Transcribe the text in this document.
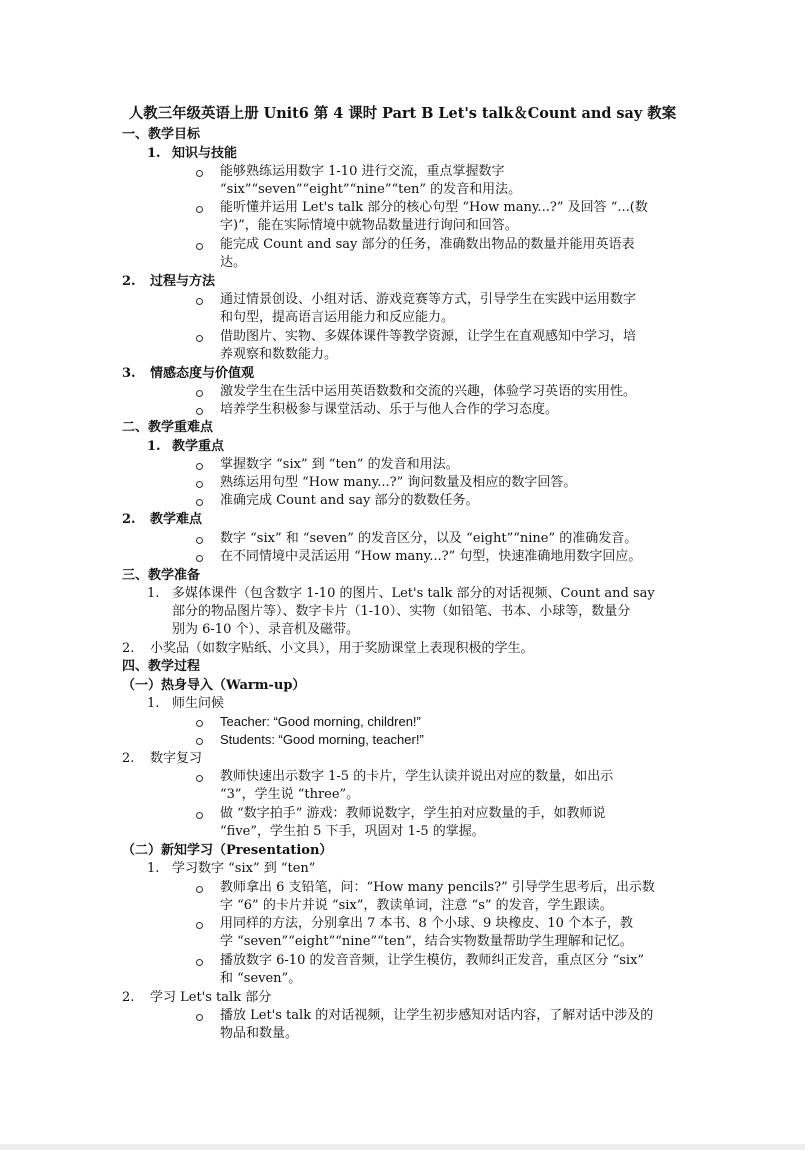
人教三年级英语上册 Unit6 第 4 课时 Part B Let's talk＆Count and say 教案
一、教学目标
1. 知识与技能
能够熟练运用数字 1-10 进行交流，重点掌握数字
“six”“seven”“eight”“nine”“ten” 的发音和用法。
能听懂并运用 Let's talk 部分的核心句型 “How many...?” 及回答 “...(数
字)”，能在实际情境中就物品数量进行询问和回答。
能完成 Count and say 部分的任务，准确数出物品的数量并能用英语表
达。
2. 过程与方法
通过情景创设、小组对话、游戏竞赛等方式，引导学生在实践中运用数字
和句型，提高语言运用能力和反应能力。
借助图片、实物、多媒体课件等教学资源，让学生在直观感知中学习，培
养观察和数数能力。
3. 情感态度与价值观
激发学生在生活中运用英语数数和交流的兴趣，体验学习英语的实用性。
培养学生积极参与课堂活动、乐于与他人合作的学习态度。
二、教学重难点
1. 教学重点
掌握数字 “six” 到 “ten” 的发音和用法。
熟练运用句型 “How many...?” 询问数量及相应的数字回答。
准确完成 Count and say 部分的数数任务。
2. 教学难点
数字 “six” 和 “seven” 的发音区分，以及 “eight”“nine” 的准确发音。
在不同情境中灵活运用 “How many...?” 句型，快速准确地用数字回应。
三、教学准备
1. 多媒体课件（包含数字 1-10 的图片、Let's talk 部分的对话视频、Count and say
部分的物品图片等）、数字卡片（1-10）、实物（如铅笔、书本、小球等，数量分
别为 6-10 个）、录音机及磁带。
2. 小奖品（如数字贴纸、小文具），用于奖励课堂上表现积极的学生。
四、教学过程
（一）热身导入（Warm-up）
1. 师生问候
Teacher: “Good morning, children!”
Students: “Good morning, teacher!”
2. 数字复习
教师快速出示数字 1-5 的卡片，学生认读并说出对应的数量，如出示
“3”，学生说 “three”。
做 “数字拍手” 游戏：教师说数字，学生拍对应数量的手，如教师说
“five”，学生拍 5 下手，巩固对 1-5 的掌握。
（二）新知学习（Presentation）
1. 学习数字 “six” 到 “ten”
教师拿出 6 支铅笔，问：“How many pencils?” 引导学生思考后，出示数
字 “6” 的卡片并说 “six”，教读单词，注意 “s” 的发音，学生跟读。
用同样的方法，分别拿出 7 本书、8 个小球、9 块橡皮、10 个本子，教
学 “seven”“eight”“nine”“ten”，结合实物数量帮助学生理解和记忆。
播放数字 6-10 的发音音频，让学生模仿，教师纠正发音，重点区分 “six”
和 “seven”。
2. 学习 Let's talk 部分
播放 Let's talk 的对话视频，让学生初步感知对话内容，了解对话中涉及的
物品和数量。
